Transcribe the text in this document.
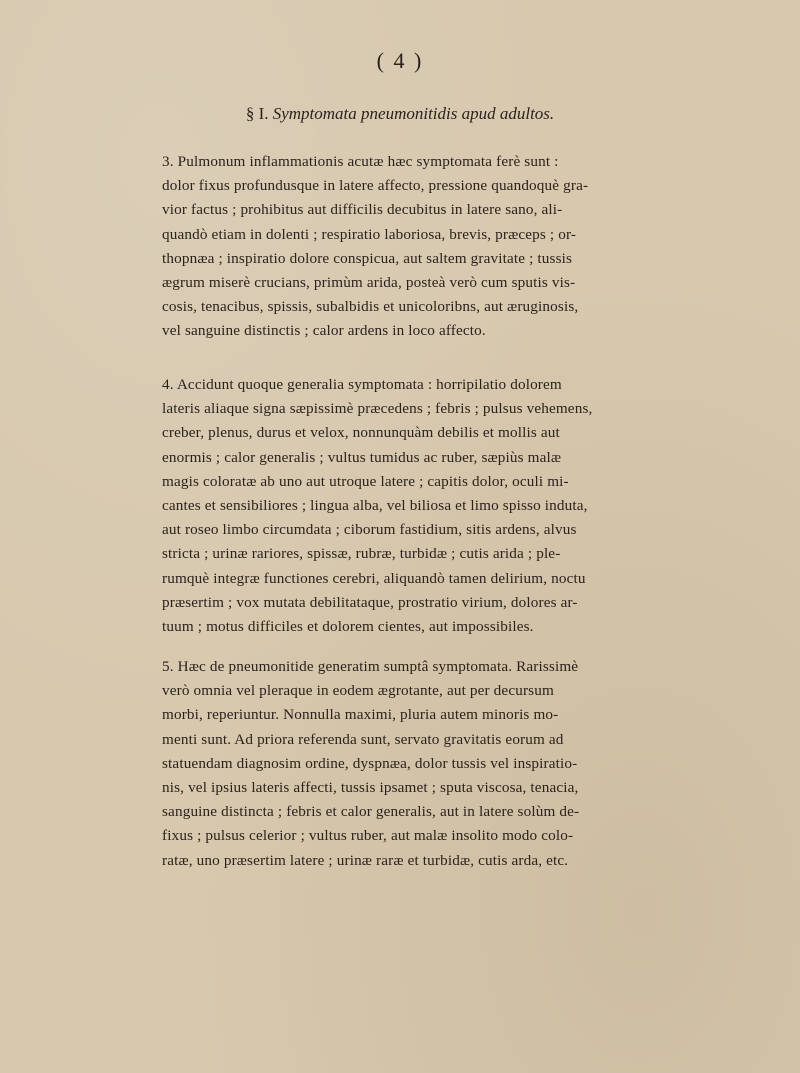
( 4 )
§ I. Symptomata pneumonitidis apud adultos.
3. Pulmonum inflammationis acutæ hæc symptomata ferè sunt :
dolor fixus profundusque in latere affecto, pressione quandoquè gra-
vior factus ; prohibitus aut difficilis decubitus in latere sano, ali-
quandò etiam in dolenti ; respiratio laboriosa, brevis, præceps ; or-
thopnæa ; inspiratio dolore conspicua, aut saltem gravitate ; tussis
ægrum miserè crucians, primùm arida, posteà verò cum sputis vis-
cosis, tenacibus, spissis, subalbidis et unicoloribns, aut æruginosis,
vel sanguine distinctis ; calor ardens in loco affecto.
4. Accidunt quoque generalia symptomata : horripilatio dolorem
lateris aliaque signa sæpissimè præcedens ; febris ; pulsus vehemens,
creber, plenus, durus et velox, nonnunquàm debilis et mollis aut
enormis ; calor generalis ; vultus tumidus ac ruber, sæpiùs malæ
magis coloratæ ab uno aut utroque latere ; capitis dolor, oculi mi-
cantes et sensibiliores ; lingua alba, vel biliosa et limo spisso induta,
aut roseo limbo circumdata ; ciborum fastidium, sitis ardens, alvus
stricta ; urinæ rariores, spissæ, rubræ, turbidæ ; cutis arida ; ple-
rumquè integræ functiones cerebri, aliquandò tamen delirium, noctu
præsertim ; vox mutata debilitataque, prostratio virium, dolores ar-
tuum ; motus difficiles et dolorem cientes, aut impossibiles.
5. Hæc de pneumonitide generatim sumptâ symptomata. Rarissimè
verò omnia vel pleraque in eodem ægrotante, aut per decursum
morbi, reperiuntur. Nonnulla maximi, pluria autem minoris mo-
menti sunt. Ad priora referenda sunt, servato gravitatis eorum ad
statuendam diagnosim ordine, dyspnæa, dolor tussis vel inspiratio-
nis, vel ipsius lateris affecti, tussis ipsamet ; sputa viscosa, tenacia,
sanguine distincta ; febris et calor generalis, aut in latere solùm de-
fixus ; pulsus celerior ; vultus ruber, aut malæ insolito modo colo-
ratæ, uno præsertim latere ; urinæ raræ et turbidæ, cutis arda, etc.
